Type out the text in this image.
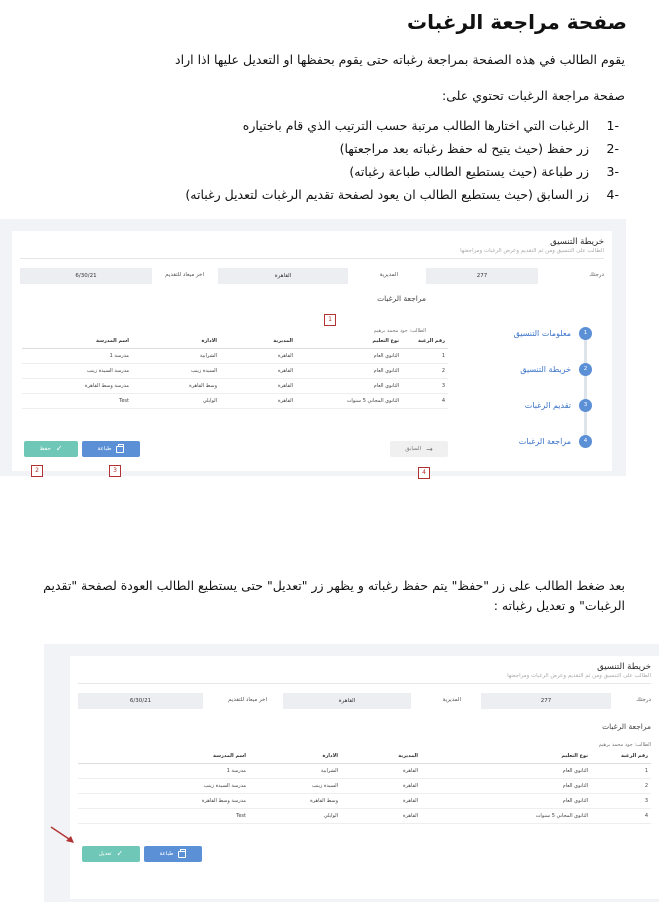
صفحة مراجعة الرغبات
يقوم الطالب في هذه الصفحة بمراجعة رغباته حتى يقوم بحفظها او التعديل عليها اذا اراد
صفحة مراجعة الرغبات تحتوي على:
-1
الرغبات التي اختارها الطالب مرتبة حسب الترتيب الذي قام باختياره
-2
زر حفظ (حيث يتيح له حفظ رغباته بعد مراجعتها)
-3
زر طباعة (حيث يستطيع الطالب طباعة رغباته)
-4
زر السابق (حيث يستطيع الطالب ان يعود لصفحة تقديم الرغبات لتعديل رغباته)
خريطة التنسيق
الطالب على التنسيق ومن ثم التقديم وعرض الرغبات ومراجعتها
درجتك
277
المديرية
القاهرة
اخر ميعاد للتقديم
6/30/21
1
معلومات التنسيق
2
خريطة التنسيق
3
تقديم الرغبات
4
مراجعة الرغبات
مراجعة الرغبات
1
الطالب: جود محمد برهيم
رقم الرغبة	نوع التعليم	المديرية	الادارة	اسم المدرسة
1	الثانوي العام	القاهرة	الشرابية	مدرسة 1
2	الثانوي العام	القاهرة	السيدة زينب	مدرسة السيدة زينب
3	الثانوي العام	القاهرة	وسط القاهرة	مدرسة وسط القاهرة
4	الثانوي المجاني 5 سنوات	القاهرة	الوايلي	Test
→
السابق
4
طباعة
✓
حفظ
2	3
بعد ضغط الطالب على زر "حفظ" يتم حفظ رغباته و يظهر زر "تعديل" حتى يستطيع الطالب العودة لصفحة "تقديم الرغبات" و تعديل رغباته :
خريطة التنسيق
الطالب على التنسيق ومن ثم التقديم وعرض الرغبات ومراجعتها
درجتك
277
المديرية
القاهرة
اخر ميعاد للتقديم
6/30/21
مراجعة الرغبات
الطالب: جود محمد برهيم
رقم الرغبة	نوع التعليم	المديرية	الادارة	اسم المدرسة
1	الثانوي العام	القاهرة	الشرابية	مدرسة 1
2	الثانوي العام	القاهرة	السيدة زينب	مدرسة السيدة زينب
3	الثانوي العام	القاهرة	وسط القاهرة	مدرسة وسط القاهرة
4	الثانوي المجاني 5 سنوات	القاهرة	الوايلي	Test
طباعة
✓
تعديل
